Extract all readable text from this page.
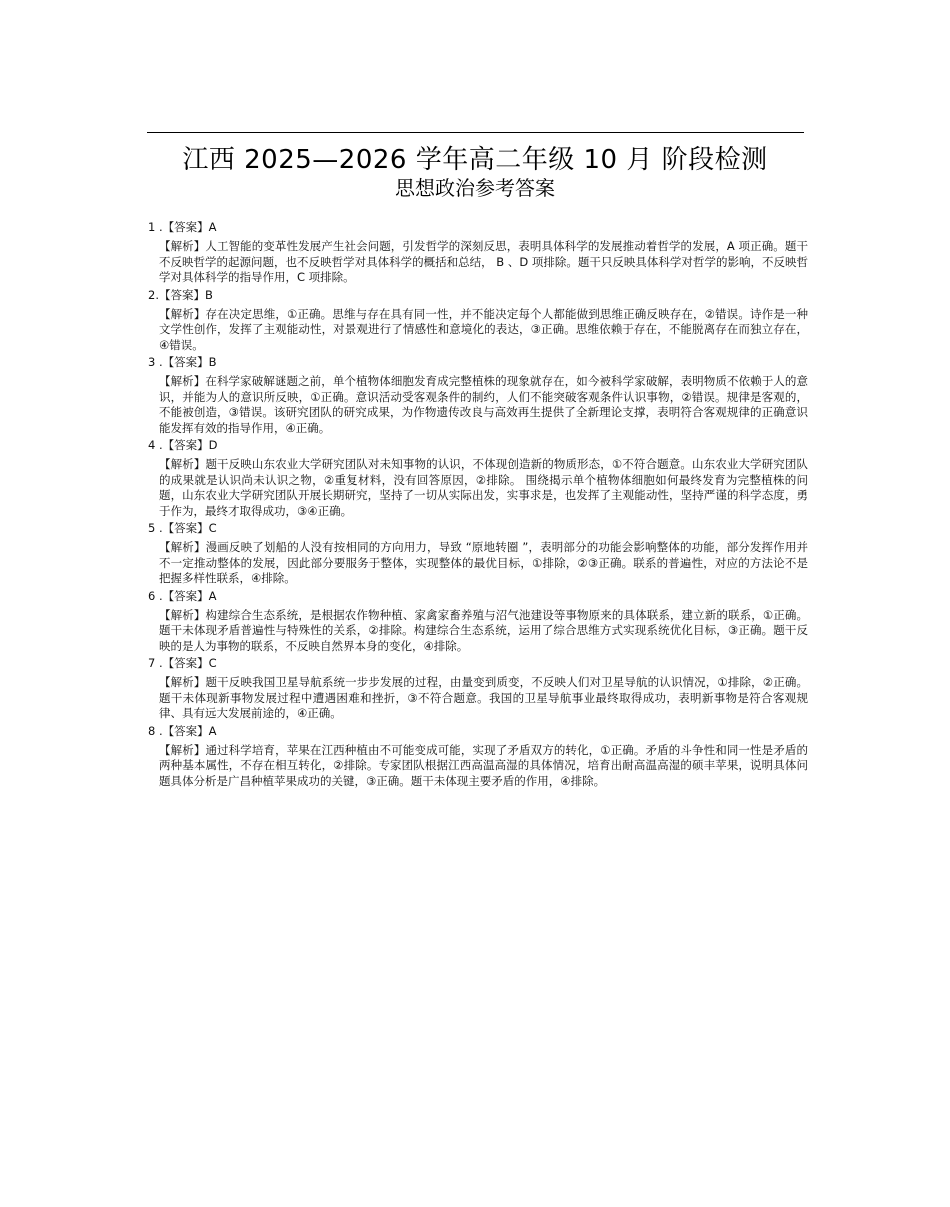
江西 2025—2026 学年高二年级 10 月 阶段检测
思想政治参考答案
1 .【答案】A
【解析】人工智能的变革性发展产生社会问题，引发哲学的深刻反思，表明具体科学的发展推动着哲学的发展，A 项正确。题干不反映哲学的起源问题，也不反映哲学对具体科学的概括和总结， B 、D 项排除。题干只反映具体科学对哲学的影响，不反映哲学对具体科学的指导作用，C 项排除。
2.【答案】B
【解析】存在决定思维，①正确。思维与存在具有同一性，并不能决定每个人都能做到思维正确反映存在，②错误。诗作是一种文学性创作，发挥了主观能动性，对景观进行了情感性和意境化的表达，③正确。思维依赖于存在，不能脱离存在而独立存在，④错误。
3 .【答案】B
【解析】在科学家破解谜题之前，单个植物体细胞发育成完整植株的现象就存在，如今被科学家破解，表明物质不依赖于人的意识，并能为人的意识所反映，①正确。意识活动受客观条件的制约，人们不能突破客观条件认识事物，②错误。规律是客观的，不能被创造，③错误。该研究团队的研究成果，为作物遗传改良与高效再生提供了全新理论支撑，表明符合客观规律的正确意识能发挥有效的指导作用，④正确。
4 .【答案】D
【解析】题干反映山东农业大学研究团队对未知事物的认识，不体现创造新的物质形态，①不符合题意。山东农业大学研究团队的成果就是认识尚未认识之物，②重复材料，没有回答原因，②排除。 围绕揭示单个植物体细胞如何最终发育为完整植株的问题，山东农业大学研究团队开展长期研究，坚持了一切从实际出发，实事求是，也发挥了主观能动性，坚持严谨的科学态度，勇于作为，最终才取得成功，③④正确。
5 .【答案】C
【解析】漫画反映了划船的人没有按相同的方向用力，导致 “原地转圈 ”，表明部分的功能会影响整体的功能，部分发挥作用并不一定推动整体的发展，因此部分要服务于整体，实现整体的最优目标，①排除，②③正确。联系的普遍性，对应的方法论不是把握多样性联系，④排除。
6 .【答案】A
【解析】构建综合生态系统，是根据农作物种植、家禽家畜养殖与沼气池建设等事物原来的具体联系，建立新的联系，①正确。题干未体现矛盾普遍性与特殊性的关系，②排除。构建综合生态系统，运用了综合思维方式实现系统优化目标，③正确。题干反映的是人为事物的联系，不反映自然界本身的变化，④排除。
7 .【答案】C
【解析】题干反映我国卫星导航系统一步步发展的过程，由量变到质变，不反映人们对卫星导航的认识情况，①排除，②正确。题干未体现新事物发展过程中遭遇困难和挫折，③不符合题意。我国的卫星导航事业最终取得成功，表明新事物是符合客观规律、具有远大发展前途的，④正确。
8 .【答案】A
【解析】通过科学培育，苹果在江西种植由不可能变成可能，实现了矛盾双方的转化，①正确。矛盾的斗争性和同一性是矛盾的两种基本属性，不存在相互转化，②排除。专家团队根据江西高温高湿的具体情况，培育出耐高温高湿的硕丰苹果，说明具体问题具体分析是广昌种植苹果成功的关键，③正确。题干未体现主要矛盾的作用，④排除。
